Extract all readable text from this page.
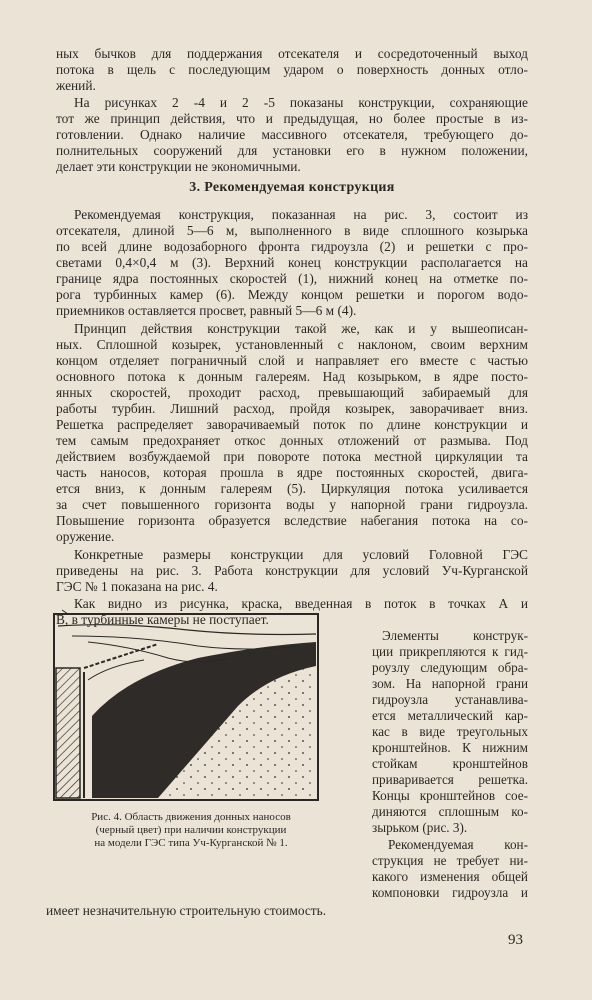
ных бычков для поддержания отсекателя и сосредоточенный выход
потока в щель с последующим ударом о поверхность донных отло-
жений.
На рисунках 2 -4 и 2 -5 показаны конструкции, сохраняющие
тот же принцип действия, что и предыдущая, но более простые в из-
готовлении. Однако наличие массивного отсекателя, требующего до-
полнительных сооружений для установки его в нужном положении,
делает эти конструкции не экономичными.
3. Рекомендуемая конструкция
Рекомендуемая конструкция, показанная на рис. 3, состоит из
отсекателя, длиной 5—6 м, выполненного в виде сплошного козырька
по всей длине водозаборного фронта гидроузла (2) и решетки с про-
светами 0,4×0,4 м (3). Верхний конец конструкции располагается на
границе ядра постоянных скоростей (1), нижний конец на отметке по-
рога турбинных камер (6). Между концом решетки и порогом водо-
приемников оставляется просвет, равный 5—6 м (4).
Принцип действия конструкции такой же, как и у вышеописан-
ных. Сплошной козырек, установленный с наклоном, своим верхним
концом отделяет пограничный слой и направляет его вместе с частью
основного потока к донным галереям. Над козырьком, в ядре посто-
янных скоростей, проходит расход, превышающий забираемый для
работы турбин. Лишний расход, пройдя козырек, заворачивает вниз.
Решетка распределяет заворачиваемый поток по длине конструкции и
тем самым предохраняет откос донных отложений от размыва. Под
действием возбуждаемой при повороте потока местной циркуляции та
часть наносов, которая прошла в ядре постоянных скоростей, двига-
ется вниз, к донным галереям (5). Циркуляция потока усиливается
за счет повышенного горизонта воды у напорной грани гидроузла.
Повышение горизонта образуется вследствие набегания потока на со-
оружение.
Конкретные размеры конструкции для условий Головной ГЭС
приведены на рис. 3. Работа конструкции для условий Уч-Курганской
ГЭС № 1 показана на рис. 4.
Как видно из рисунка, краска, введенная в поток в точках А и
В, в турбинные камеры не поступает.
Рис. 4. Область движения донных наносов
(черный цвет) при наличии конструкции
на модели ГЭС типа Уч-Курганской № 1.
Элементы конструк-
ции прикрепляются к гид-
роузлу следующим обра-
зом. На напорной грани
гидроузла устанавлива-
ется металлический кар-
кас в виде треугольных
кронштейнов. К нижним
стойкам кронштейнов
приваривается решетка.
Концы кронштейнов сое-
диняются сплошным ко-
зырьком (рис. 3).
Рекомендуемая кон-
струкция не требует ни-
какого изменения общей
компоновки гидроузла и
имеет незначительную строительную стоимость.
93
